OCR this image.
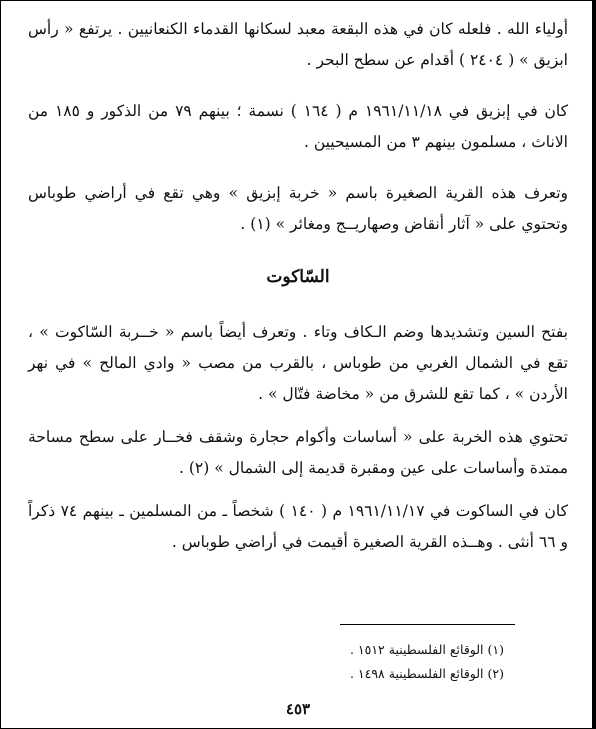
أولياء الله . فلعله كان في هذه البقعة معبد لسكانها القدماء الكنعانيين . يرتفع « رأس ابزيق » ( ٢٤٠٤ ) أقدام عن سطح البحر .

كان في إبزيق في ١٩٦١/١١/١٨ م ( ١٦٤ ) نسمة ؛ بينهم ٧٩ من الذكور و ١٨٥ من الاناث ، مسلمون بينهم ٣ من المسيحيين .

وتعرف هذه القرية الصغيرة باسم « خربة إبزيق » وهي تقع في أراضي طوباس وتحتوي على « آثار أنقاض وصهاريــج ومغائر » (١) .

السّاكوت

بفتح السين وتشديدها وضم الـكاف وتاء . وتعرف أيضاً باسم « خــربة السّاكوت » ، تقع في الشمال الغربي من طوباس ، بالقرب من مصب « وادي المالح » في نهر الأردن » ، كما تقع للشرق من « مخاضة فتّال » .

تحتوي هذه الخربة على « أساسات وأكوام حجارة وشقف فخــار على سطح مساحة ممتدة وأساسات على عين ومقبرة قديمة إلى الشمال » (٢) .

كان في الساكوت في ١٩٦١/١١/١٧ م ( ١٤٠ ) شخصاً ـ من المسلمين ـ بينهم ٧٤ ذكراً و ٦٦ أنثى . وهــذه القرية الصغيرة أقيمت في أراضي طوباس .

(١) الوقائع الفلسطينية ١٥١٢ .
(٢) الوقائع الفلسطينية ١٤٩٨ .
٤٥٣
